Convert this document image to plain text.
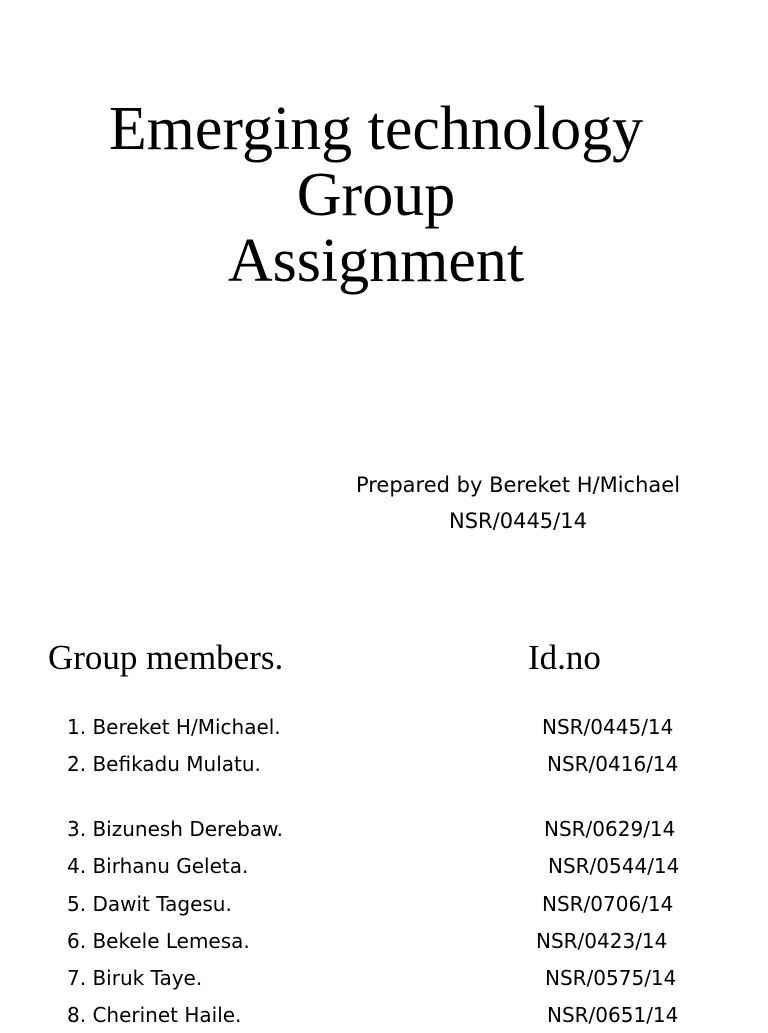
Emerging technology
Group
Assignment
Prepared by Bereket H/Michael
NSR/0445/14
Group members.	Id.no
1. Bereket H/Michael.	NSR/0445/14
2. Befikadu Mulatu.	NSR/0416/14
3. Bizunesh Derebaw.	NSR/0629/14
4. Birhanu Geleta.	NSR/0544/14
5. Dawit Tagesu.	NSR/0706/14
6. Bekele Lemesa.	NSR/0423/14
7. Biruk Taye.	NSR/0575/14
8. Cherinet Haile.	NSR/0651/14
